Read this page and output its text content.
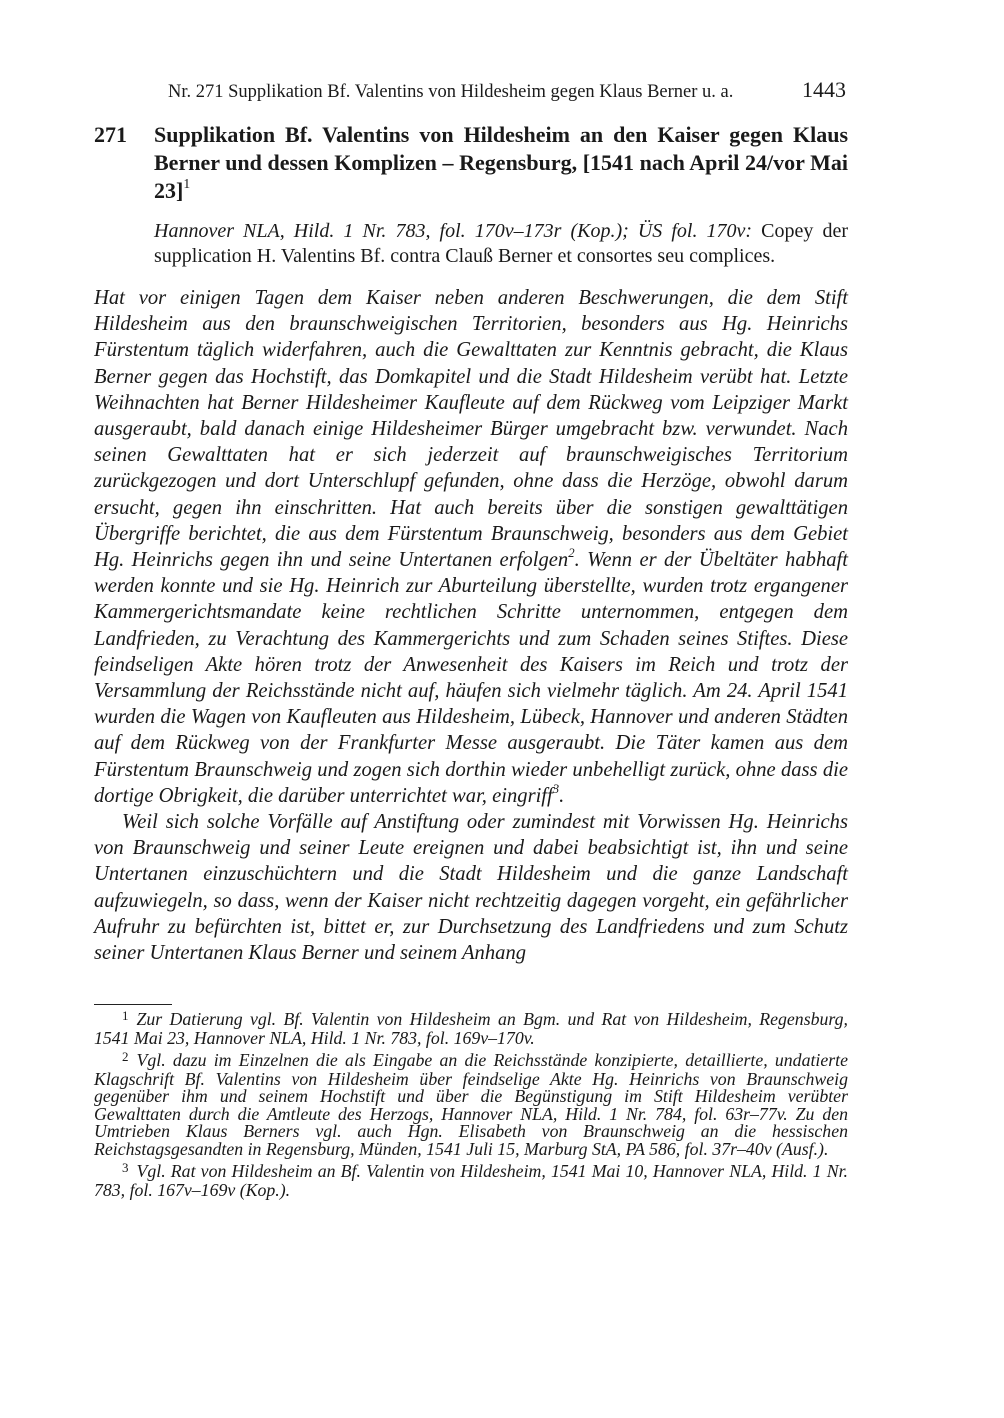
Nr. 271 Supplikation Bf. Valentins von Hildesheim gegen Klaus Berner u. a.	1443
271 Supplikation Bf. Valentins von Hildesheim an den Kaiser gegen Klaus Berner und dessen Komplizen – Regensburg, [1541 nach April 24/vor Mai 23]$^1$
Hannover NLA, Hild. 1 Nr. 783, fol. 170v–173r (Kop.); ÜS fol. 170v: Copey der supplication H. Valentins Bf. contra Clauß Berner et consortes seu complices.

Hat vor einigen Tagen dem Kaiser neben anderen Beschwerungen, die dem Stift Hildesheim aus den braunschweigischen Territorien, besonders aus Hg. Heinrichs Fürstentum täglich widerfahren, auch die Gewalttaten zur Kenntnis gebracht, die Klaus Berner gegen das Hochstift, das Domkapitel und die Stadt Hildesheim verübt hat. Letzte Weihnachten hat Berner Hildesheimer Kaufleute auf dem Rückweg vom Leipziger Markt ausgeraubt, bald danach einige Hildesheimer Bürger umgebracht bzw. verwundet. Nach seinen Gewalttaten hat er sich jederzeit auf braunschweigisches Territorium zurückgezogen und dort Unterschlupf gefunden, ohne dass die Herzöge, obwohl darum ersucht, gegen ihn einschritten. Hat auch bereits über die sonstigen gewalttätigen Übergriffe berichtet, die aus dem Fürstentum Braunschweig, besonders aus dem Gebiet Hg. Heinrichs gegen ihn und seine Untertanen erfolgen$^2$. Wenn er der Übeltäter habhaft werden konnte und sie Hg. Heinrich zur Aburteilung überstellte, wurden trotz ergangener Kammergerichtsmandate keine rechtlichen Schritte unternommen, entgegen dem Landfrieden, zu Verachtung des Kammergerichts und zum Schaden seines Stiftes. Diese feindseligen Akte hören trotz der Anwesenheit des Kaisers im Reich und trotz der Versammlung der Reichsstände nicht auf, häufen sich vielmehr täglich. Am 24. April 1541 wurden die Wagen von Kaufleuten aus Hildesheim, Lübeck, Hannover und anderen Städten auf dem Rückweg von der Frankfurter Messe ausgeraubt. Die Täter kamen aus dem Fürstentum Braunschweig und zogen sich dorthin wieder unbehelligt zurück, ohne dass die dortige Obrigkeit, die darüber unterrichtet war, eingriff$^3$.

Weil sich solche Vorfälle auf Anstiftung oder zumindest mit Vorwissen Hg. Heinrichs von Braunschweig und seiner Leute ereignen und dabei beabsichtigt ist, ihn und seine Untertanen einzuschüchtern und die Stadt Hildesheim und die ganze Landschaft aufzuwiegeln, so dass, wenn der Kaiser nicht rechtzeitig dagegen vorgeht, ein gefährlicher Aufruhr zu befürchten ist, bittet er, zur Durchsetzung des Landfriedens und zum Schutz seiner Untertanen Klaus Berner und seinem Anhang

$^1$ Zur Datierung vgl. Bf. Valentin von Hildesheim an Bgm. und Rat von Hildesheim, Regensburg, 1541 Mai 23, Hannover NLA, Hild. 1 Nr. 783, fol. 169v–170v.

$^2$ Vgl. dazu im Einzelnen die als Eingabe an die Reichsstände konzipierte, detaillierte, undatierte Klagschrift Bf. Valentins von Hildesheim über feindselige Akte Hg. Heinrichs von Braunschweig gegenüber ihm und seinem Hochstift und über die Begünstigung im Stift Hildesheim verübter Gewalttaten durch die Amtleute des Herzogs, Hannover NLA, Hild. 1 Nr. 784, fol. 63r–77v. Zu den Umtrieben Klaus Berners vgl. auch Hgn. Elisabeth von Braunschweig an die hessischen Reichstagsgesandten in Regensburg, Münden, 1541 Juli 15, Marburg StA, PA 586, fol. 37r–40v (Ausf.).

$^3$ Vgl. Rat von Hildesheim an Bf. Valentin von Hildesheim, 1541 Mai 10, Hannover NLA, Hild. 1 Nr. 783, fol. 167v–169v (Kop.).
